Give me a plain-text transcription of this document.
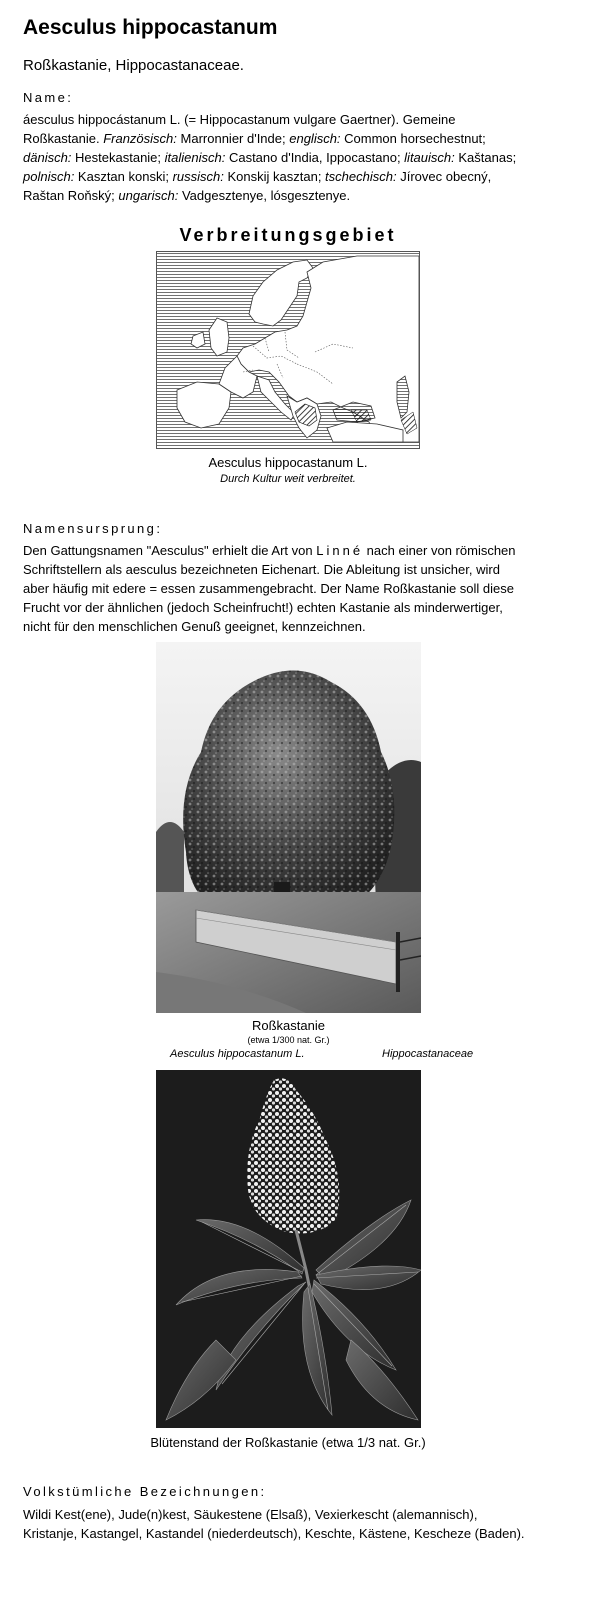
Aesculus hippocastanum
Roßkastanie, Hippocastanaceae.
Name:
áesculus hippocástanum L. (= Hippocastanum vulgare Gaertner). Gemeine
Roßkastanie. Französisch: Marronnier d'Inde; englisch: Common horsechestnut;
dänisch: Hestekastanie; italienisch: Castano d'India, Ippocastano; litauisch: Kaštanas;
polnisch: Kasztan konski; russisch: Konskij kasztan; tschechisch: Jírovec obecný,
Raštan Roňský; ungarisch: Vadgesztenye, lósgesztenye.
Verbreitungsgebiet
Aesculus hippocastanum L.
Durch Kultur weit verbreitet.
Namensursprung:
Den Gattungsnamen "Aesculus" erhielt die Art von Linné nach einer von römischen
Schriftstellern als aesculus bezeichneten Eichenart. Die Ableitung ist unsicher, wird
aber häufig mit edere = essen zusammengebracht. Der Name Roßkastanie soll diese
Frucht vor der ähnlichen (jedoch Scheinfrucht!) echten Kastanie als minderwertiger,
nicht für den menschlichen Genuß geeignet, kennzeichnen.
Roßkastanie
(etwa 1/300 nat. Gr.)
Aesculus hippocastanum L.	Hippocastanaceae
Blütenstand der Roßkastanie (etwa 1/3 nat. Gr.)
Volkstümliche Bezeichnungen:
Wildi Kest(ene), Jude(n)kest, Säukestene (Elsaß), Vexierkescht (alemannisch),
Kristanje, Kastangel, Kastandel (niederdeutsch), Keschte, Kästene, Kescheze (Baden).
